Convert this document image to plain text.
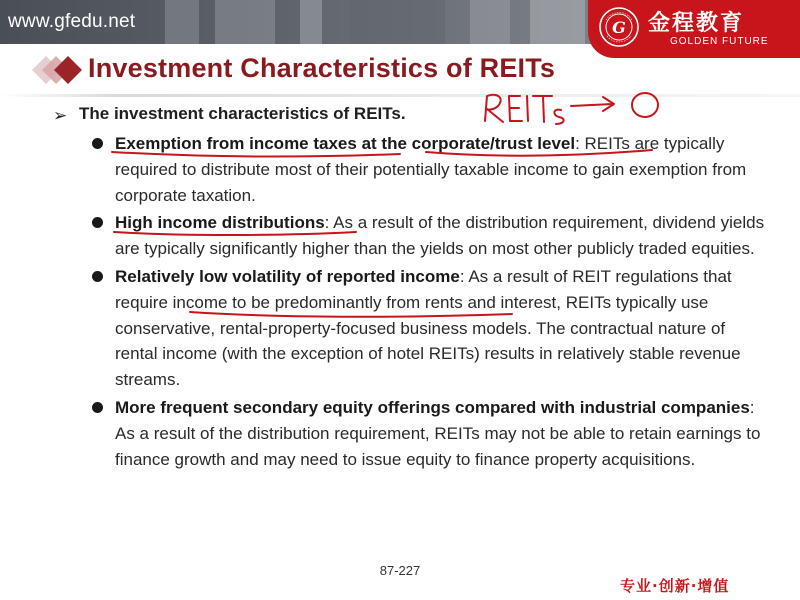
www.gfedu.net	G 金程教育
GOLDEN FUTURE
Investment Characteristics of REITs
➢ The investment characteristics of REITs.

Exemption from income taxes at the corporate/trust level: REITs are typically required to distribute most of their potentially taxable income to gain exemption from corporate taxation.
High income distributions: As a result of the distribution requirement, dividend yields are typically significantly higher than the yields on most other publicly traded equities.
Relatively low volatility of reported income: As a result of REIT regulations that require income to be predominantly from rents and interest, REITs typically use conservative, rental-property-focused business models. The contractual nature of rental income (with the exception of hotel REITs) results in relatively stable revenue streams.
More frequent secondary equity offerings compared with industrial companies: As a result of the distribution requirement, REITs may not be able to retain earnings to finance growth and may need to issue equity to finance property acquisitions.
87-227
专业·创新·增值
